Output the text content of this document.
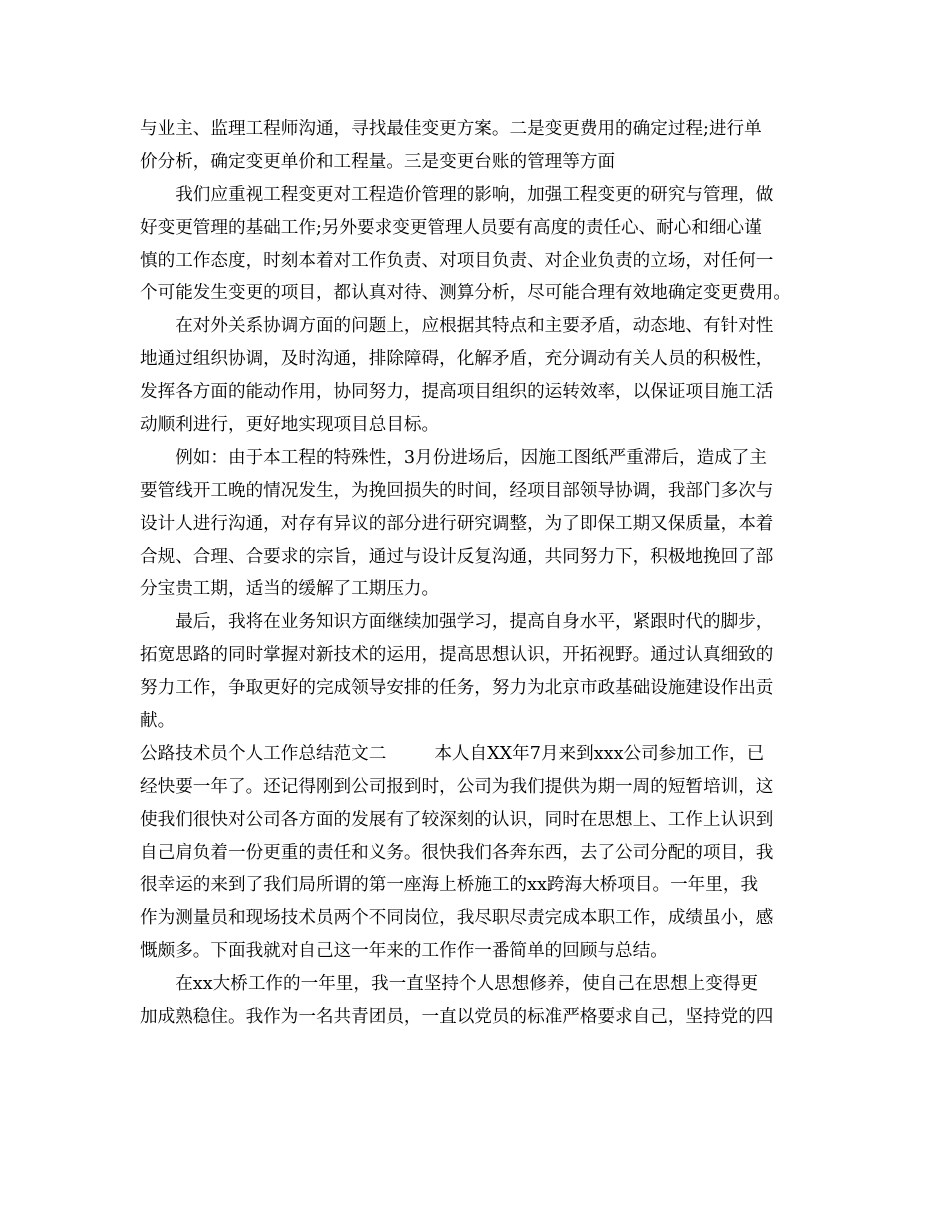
与业主、监理工程师沟通，寻找最佳变更方案。二是变更费用的确定过程;进行单
价分析，确定变更单价和工程量。三是变更台账的管理等方面
我们应重视工程变更对工程造价管理的影响，加强工程变更的研究与管理，做
好变更管理的基础工作;另外要求变更管理人员要有高度的责任心、耐心和细心谨
慎的工作态度，时刻本着对工作负责、对项目负责、对企业负责的立场，对任何一
个可能发生变更的项目，都认真对待、测算分析，尽可能合理有效地确定变更费用。
在对外关系协调方面的问题上，应根据其特点和主要矛盾，动态地、有针对性
地通过组织协调，及时沟通，排除障碍，化解矛盾，充分调动有关人员的积极性，
发挥各方面的能动作用，协同努力，提高项目组织的运转效率，以保证项目施工活
动顺利进行，更好地实现项目总目标。
例如：由于本工程的特殊性，3月份进场后，因施工图纸严重滞后，造成了主
要管线开工晚的情况发生，为挽回损失的时间，经项目部领导协调，我部门多次与
设计人进行沟通，对存有异议的部分进行研究调整，为了即保工期又保质量，本着
合规、合理、合要求的宗旨，通过与设计反复沟通，共同努力下，积极地挽回了部
分宝贵工期，适当的缓解了工期压力。
最后，我将在业务知识方面继续加强学习，提高自身水平，紧跟时代的脚步，
拓宽思路的同时掌握对新技术的运用，提高思想认识，开拓视野。通过认真细致的
努力工作，争取更好的完成领导安排的任务，努力为北京市政基础设施建设作出贡
献。
公路技术员个人工作总结范文二	本人自XX年7月来到xxx公司参加工作，已
经快要一年了。还记得刚到公司报到时，公司为我们提供为期一周的短暂培训，这
使我们很快对公司各方面的发展有了较深刻的认识，同时在思想上、工作上认识到
自己肩负着一份更重的责任和义务。很快我们各奔东西，去了公司分配的项目，我
很幸运的来到了我们局所谓的第一座海上桥施工的xx跨海大桥项目。一年里，我
作为测量员和现场技术员两个不同岗位，我尽职尽责完成本职工作，成绩虽小，感
慨颇多。下面我就对自己这一年来的工作作一番简单的回顾与总结。
在xx大桥工作的一年里，我一直坚持个人思想修养，使自己在思想上变得更
加成熟稳住。我作为一名共青团员，一直以党员的标准严格要求自己，坚持党的四
